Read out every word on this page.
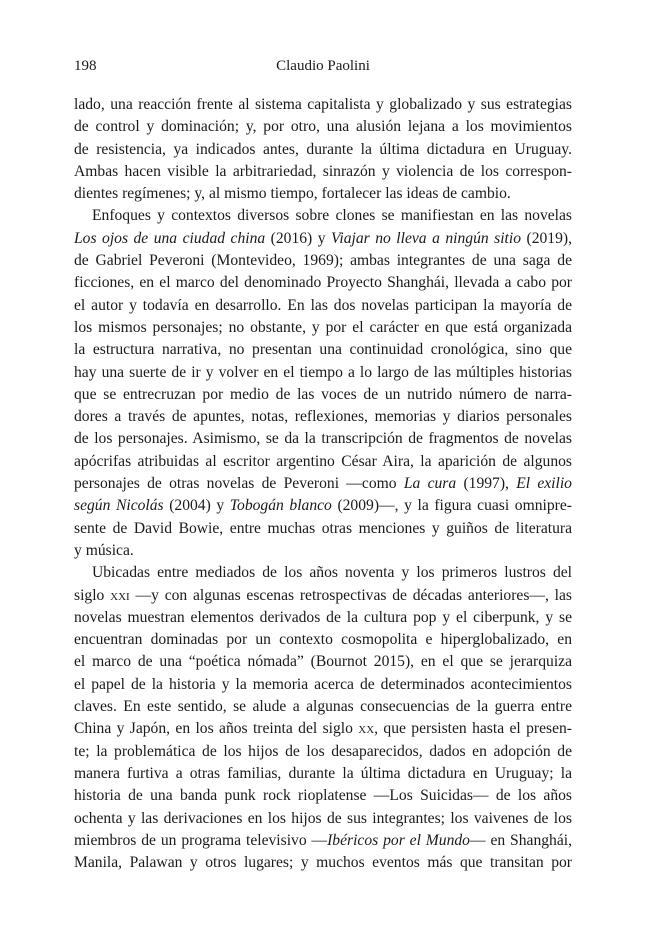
198	Claudio Paolini

lado, una reacción frente al sistema capitalista y globalizado y sus estrategias
de control y dominación; y, por otro, una alusión lejana a los movimientos
de resistencia, ya indicados antes, durante la última dictadura en Uruguay.
Ambas hacen visible la arbitrariedad, sinrazón y violencia de los correspon-
dientes regímenes; y, al mismo tiempo, fortalecer las ideas de cambio.

Enfoques y contextos diversos sobre clones se manifiestan en las novelas
Los ojos de una ciudad china (2016) y Viajar no lleva a ningún sitio (2019),
de Gabriel Peveroni (Montevideo, 1969); ambas integrantes de una saga de
ficciones, en el marco del denominado Proyecto Shanghái, llevada a cabo por
el autor y todavía en desarrollo. En las dos novelas participan la mayoría de
los mismos personajes; no obstante, y por el carácter en que está organizada
la estructura narrativa, no presentan una continuidad cronológica, sino que
hay una suerte de ir y volver en el tiempo a lo largo de las múltiples historias
que se entrecruzan por medio de las voces de un nutrido número de narra-
dores a través de apuntes, notas, reflexiones, memorias y diarios personales
de los personajes. Asimismo, se da la transcripción de fragmentos de novelas
apócrifas atribuidas al escritor argentino César Aira, la aparición de algunos
personajes de otras novelas de Peveroni —como La cura (1997), El exilio
según Nicolás (2004) y Tobogán blanco (2009)—, y la figura cuasi omnipre-
sente de David Bowie, entre muchas otras menciones y guiños de literatura
y música.

Ubicadas entre mediados de los años noventa y los primeros lustros del
siglo xxi —y con algunas escenas retrospectivas de décadas anteriores—, las
novelas muestran elementos derivados de la cultura pop y el ciberpunk, y se
encuentran dominadas por un contexto cosmopolita e hiperglobalizado, en
el marco de una “poética nómada” (Bournot 2015), en el que se jerarquiza
el papel de la historia y la memoria acerca de determinados acontecimientos
claves. En este sentido, se alude a algunas consecuencias de la guerra entre
China y Japón, en los años treinta del siglo xx, que persisten hasta el presen-
te; la problemática de los hijos de los desaparecidos, dados en adopción de
manera furtiva a otras familias, durante la última dictadura en Uruguay; la
historia de una banda punk rock rioplatense —Los Suicidas— de los años
ochenta y las derivaciones en los hijos de sus integrantes; los vaivenes de los
miembros de un programa televisivo —Ibéricos por el Mundo— en Shanghái,
Manila, Palawan y otros lugares; y muchos eventos más que transitan por
